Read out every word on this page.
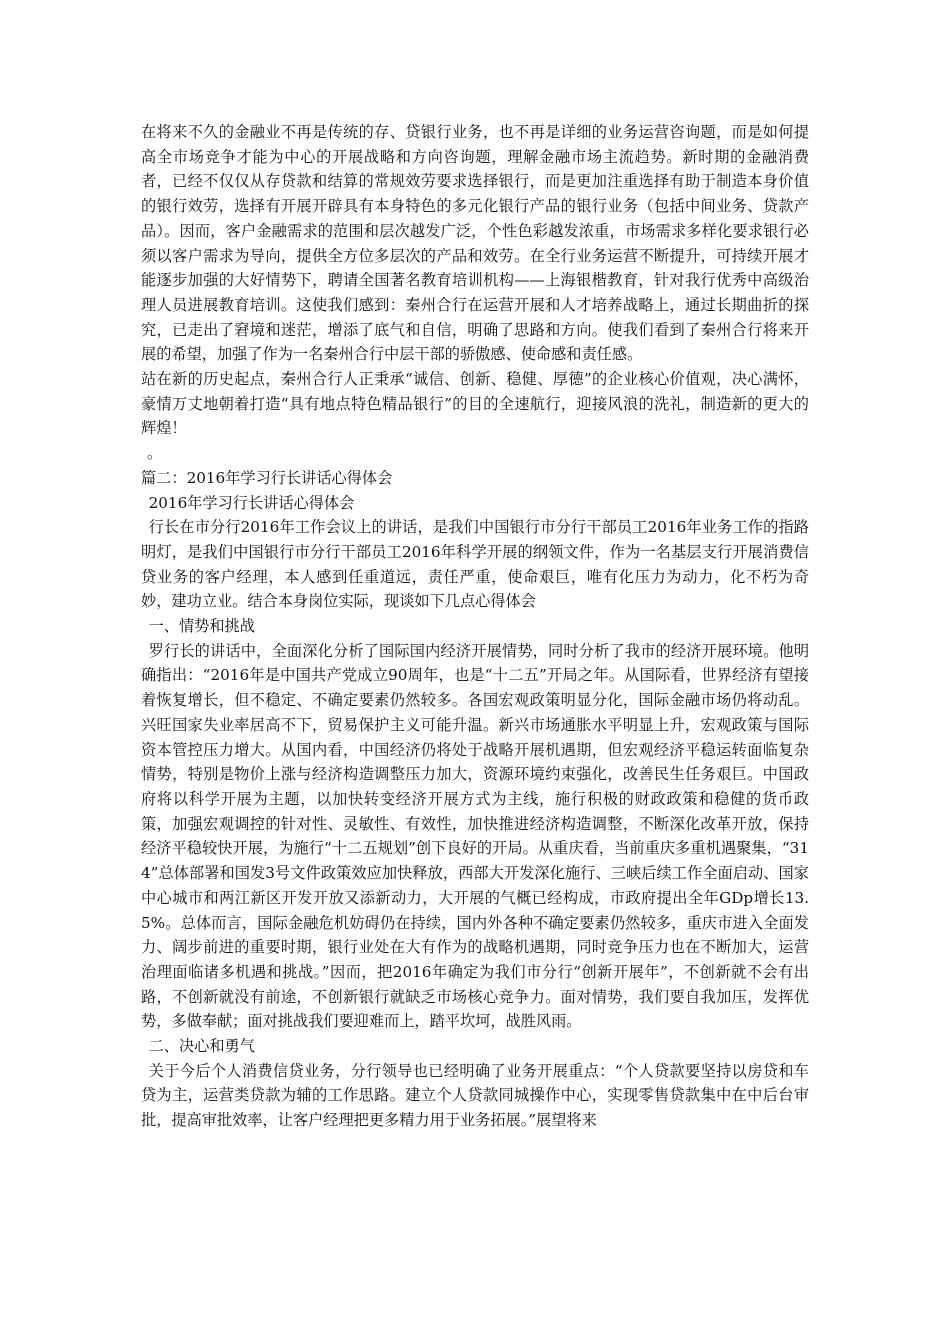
在将来不久的金融业不再是传统的存、贷银行业务，也不再是详细的业务运营咨询题，而是如何提高全市场竞争才能为中心的开展战略和方向咨询题，理解金融市场主流趋势。新时期的金融消费者，已经不仅仅从存贷款和结算的常规效劳要求选择银行，而是更加注重选择有助于制造本身价值的银行效劳，选择有开展开辟具有本身特色的多元化银行产品的银行业务（包括中间业务、贷款产品）。因而，客户金融需求的范围和层次越发广泛，个性色彩越发浓重，市场需求多样化要求银行必须以客户需求为导向，提供全方位多层次的产品和效劳。在全行业务运营不断提升，可持续开展才能逐步加强的大好情势下，聘请全国著名教育培训机构——上海银楷教育，针对我行优秀中高级治理人员进展教育培训。这使我们感到：秦州合行在运营开展和人才培养战略上，通过长期曲折的探究，已走出了窘境和迷茫，增添了底气和自信，明确了思路和方向。使我们看到了秦州合行将来开展的希望，加强了作为一名秦州合行中层干部的骄傲感、使命感和责任感。

站在新的历史起点，秦州合行人正秉承“诚信、创新、稳健、厚德”的企业核心价值观，决心满怀，豪情万丈地朝着打造“具有地点特色精品银行”的目的全速航行，迎接风浪的洗礼，制造新的更大的辉煌！

。

篇二：2016年学习行长讲话心得体会

2016年学习行长讲话心得体会

行长在市分行2016年工作会议上的讲话，是我们中国银行市分行干部员工2016年业务工作的指路明灯，是我们中国银行市分行干部员工2016年科学开展的纲领文件，作为一名基层支行开展消费信贷业务的客户经理，本人感到任重道远，责任严重，使命艰巨，唯有化压力为动力，化不朽为奇妙，建功立业。结合本身岗位实际，现谈如下几点心得体会

一、情势和挑战

罗行长的讲话中，全面深化分析了国际国内经济开展情势，同时分析了我市的经济开展环境。他明确指出：“2016年是中国共产党成立90周年，也是“十二五”开局之年。从国际看，世界经济有望接着恢复增长，但不稳定、不确定要素仍然较多。各国宏观政策明显分化，国际金融市场仍将动乱。兴旺国家失业率居高不下，贸易保护主义可能升温。新兴市场通胀水平明显上升，宏观政策与国际资本管控压力增大。从国内看，中国经济仍将处于战略开展机遇期，但宏观经济平稳运转面临复杂情势，特别是物价上涨与经济构造调整压力加大，资源环境约束强化，改善民生任务艰巨。中国政府将以科学开展为主题，以加快转变经济开展方式为主线，施行积极的财政政策和稳健的货币政策，加强宏观调控的针对性、灵敏性、有效性，加快推进经济构造调整，不断深化改革开放，保持经济平稳较快开展，为施行“十二五规划”创下良好的开局。从重庆看，当前重庆多重机遇聚集，“314”总体部署和国发3号文件政策效应加快释放，西部大开发深化施行、三峡后续工作全面启动、国家中心城市和两江新区开发开放又添新动力，大开展的气概已经构成，市政府提出全年GDp增长13.5%。总体而言，国际金融危机妨碍仍在持续，国内外各种不确定要素仍然较多，重庆市进入全面发力、阔步前进的重要时期，银行业处在大有作为的战略机遇期，同时竞争压力也在不断加大，运营治理面临诸多机遇和挑战。”因而，把2016年确定为我们市分行“创新开展年”，不创新就不会有出路，不创新就没有前途，不创新银行就缺乏市场核心竞争力。面对情势，我们要自我加压，发挥优势，多做奉献；面对挑战我们要迎难而上，踏平坎坷，战胜风雨。

二、决心和勇气

关于今后个人消费信贷业务，分行领导也已经明确了业务开展重点：“个人贷款要坚持以房贷和车贷为主，运营类贷款为辅的工作思路。建立个人贷款同城操作中心，实现零售贷款集中在中后台审批，提高审批效率，让客户经理把更多精力用于业务拓展。”展望将来
